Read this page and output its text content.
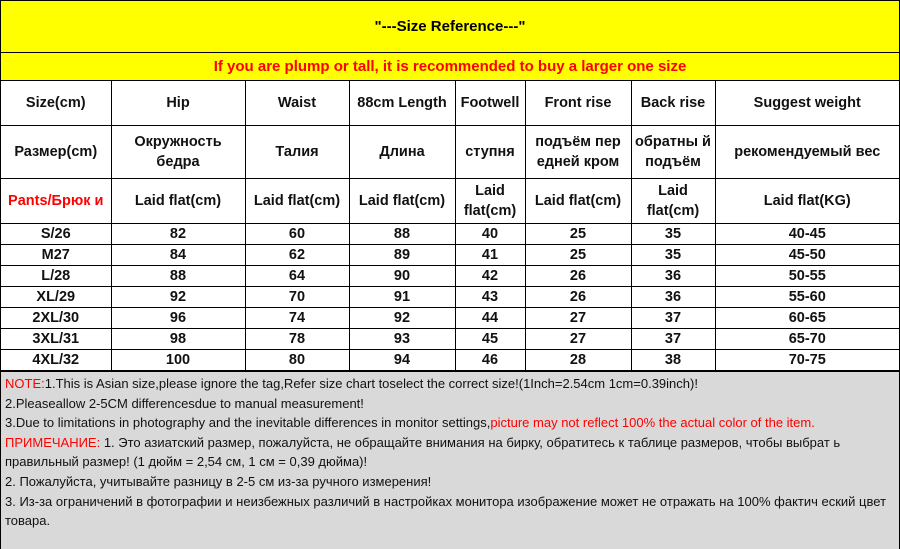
"---Size Reference---"
If you are plump or tall, it is recommended to buy a larger one size
Size(cm)	Hip	Waist	88cm Length	Footwell	Front rise	Back rise	Suggest weight
Размер(cm)	Окружность бедра	Талия	Длина	ступня	подъём пер едней кром	обратны й подъём	рекомендуемый вес
Pants/Брюк и	Laid flat(cm)	Laid flat(cm)	Laid flat(cm)	Laid flat(cm)	Laid flat(cm)	Laid flat(cm)	Laid flat(KG)
S/26	82	60	88	40	25	35	40-45
M27	84	62	89	41	25	35	45-50
L/28	88	64	90	42	26	36	50-55
XL/29	92	70	91	43	26	36	55-60
2XL/30	96	74	92	44	27	37	60-65
3XL/31	98	78	93	45	27	37	65-70
4XL/32	100	80	94	46	28	38	70-75

NOTE:1.This is Asian size,please ignore the tag,Refer size chart toselect the correct size!(1Inch=2.54cm 1cm=0.39inch)!

2.Pleaseallow 2-5CM differencesdue to manual measurement!

3.Due to limitations in photography and the inevitable differences in monitor settings,picture may not reflect 100% the actual color of the item.

ПРИМЕЧАНИЕ: 1. Это азиатский размер, пожалуйста, не обращайте внимания на бирку, обратитесь к таблице размеров, чтобы выбрат ь правильный размер! (1 дюйм = 2,54 см, 1 см = 0,39 дюйма)!

2. Пожалуйста, учитывайте разницу в 2-5 см из-за ручного измерения!

3. Из-за ограничений в фотографии и неизбежных различий в настройках монитора изображение может не отражать на 100% фактич еский цвет товара.
